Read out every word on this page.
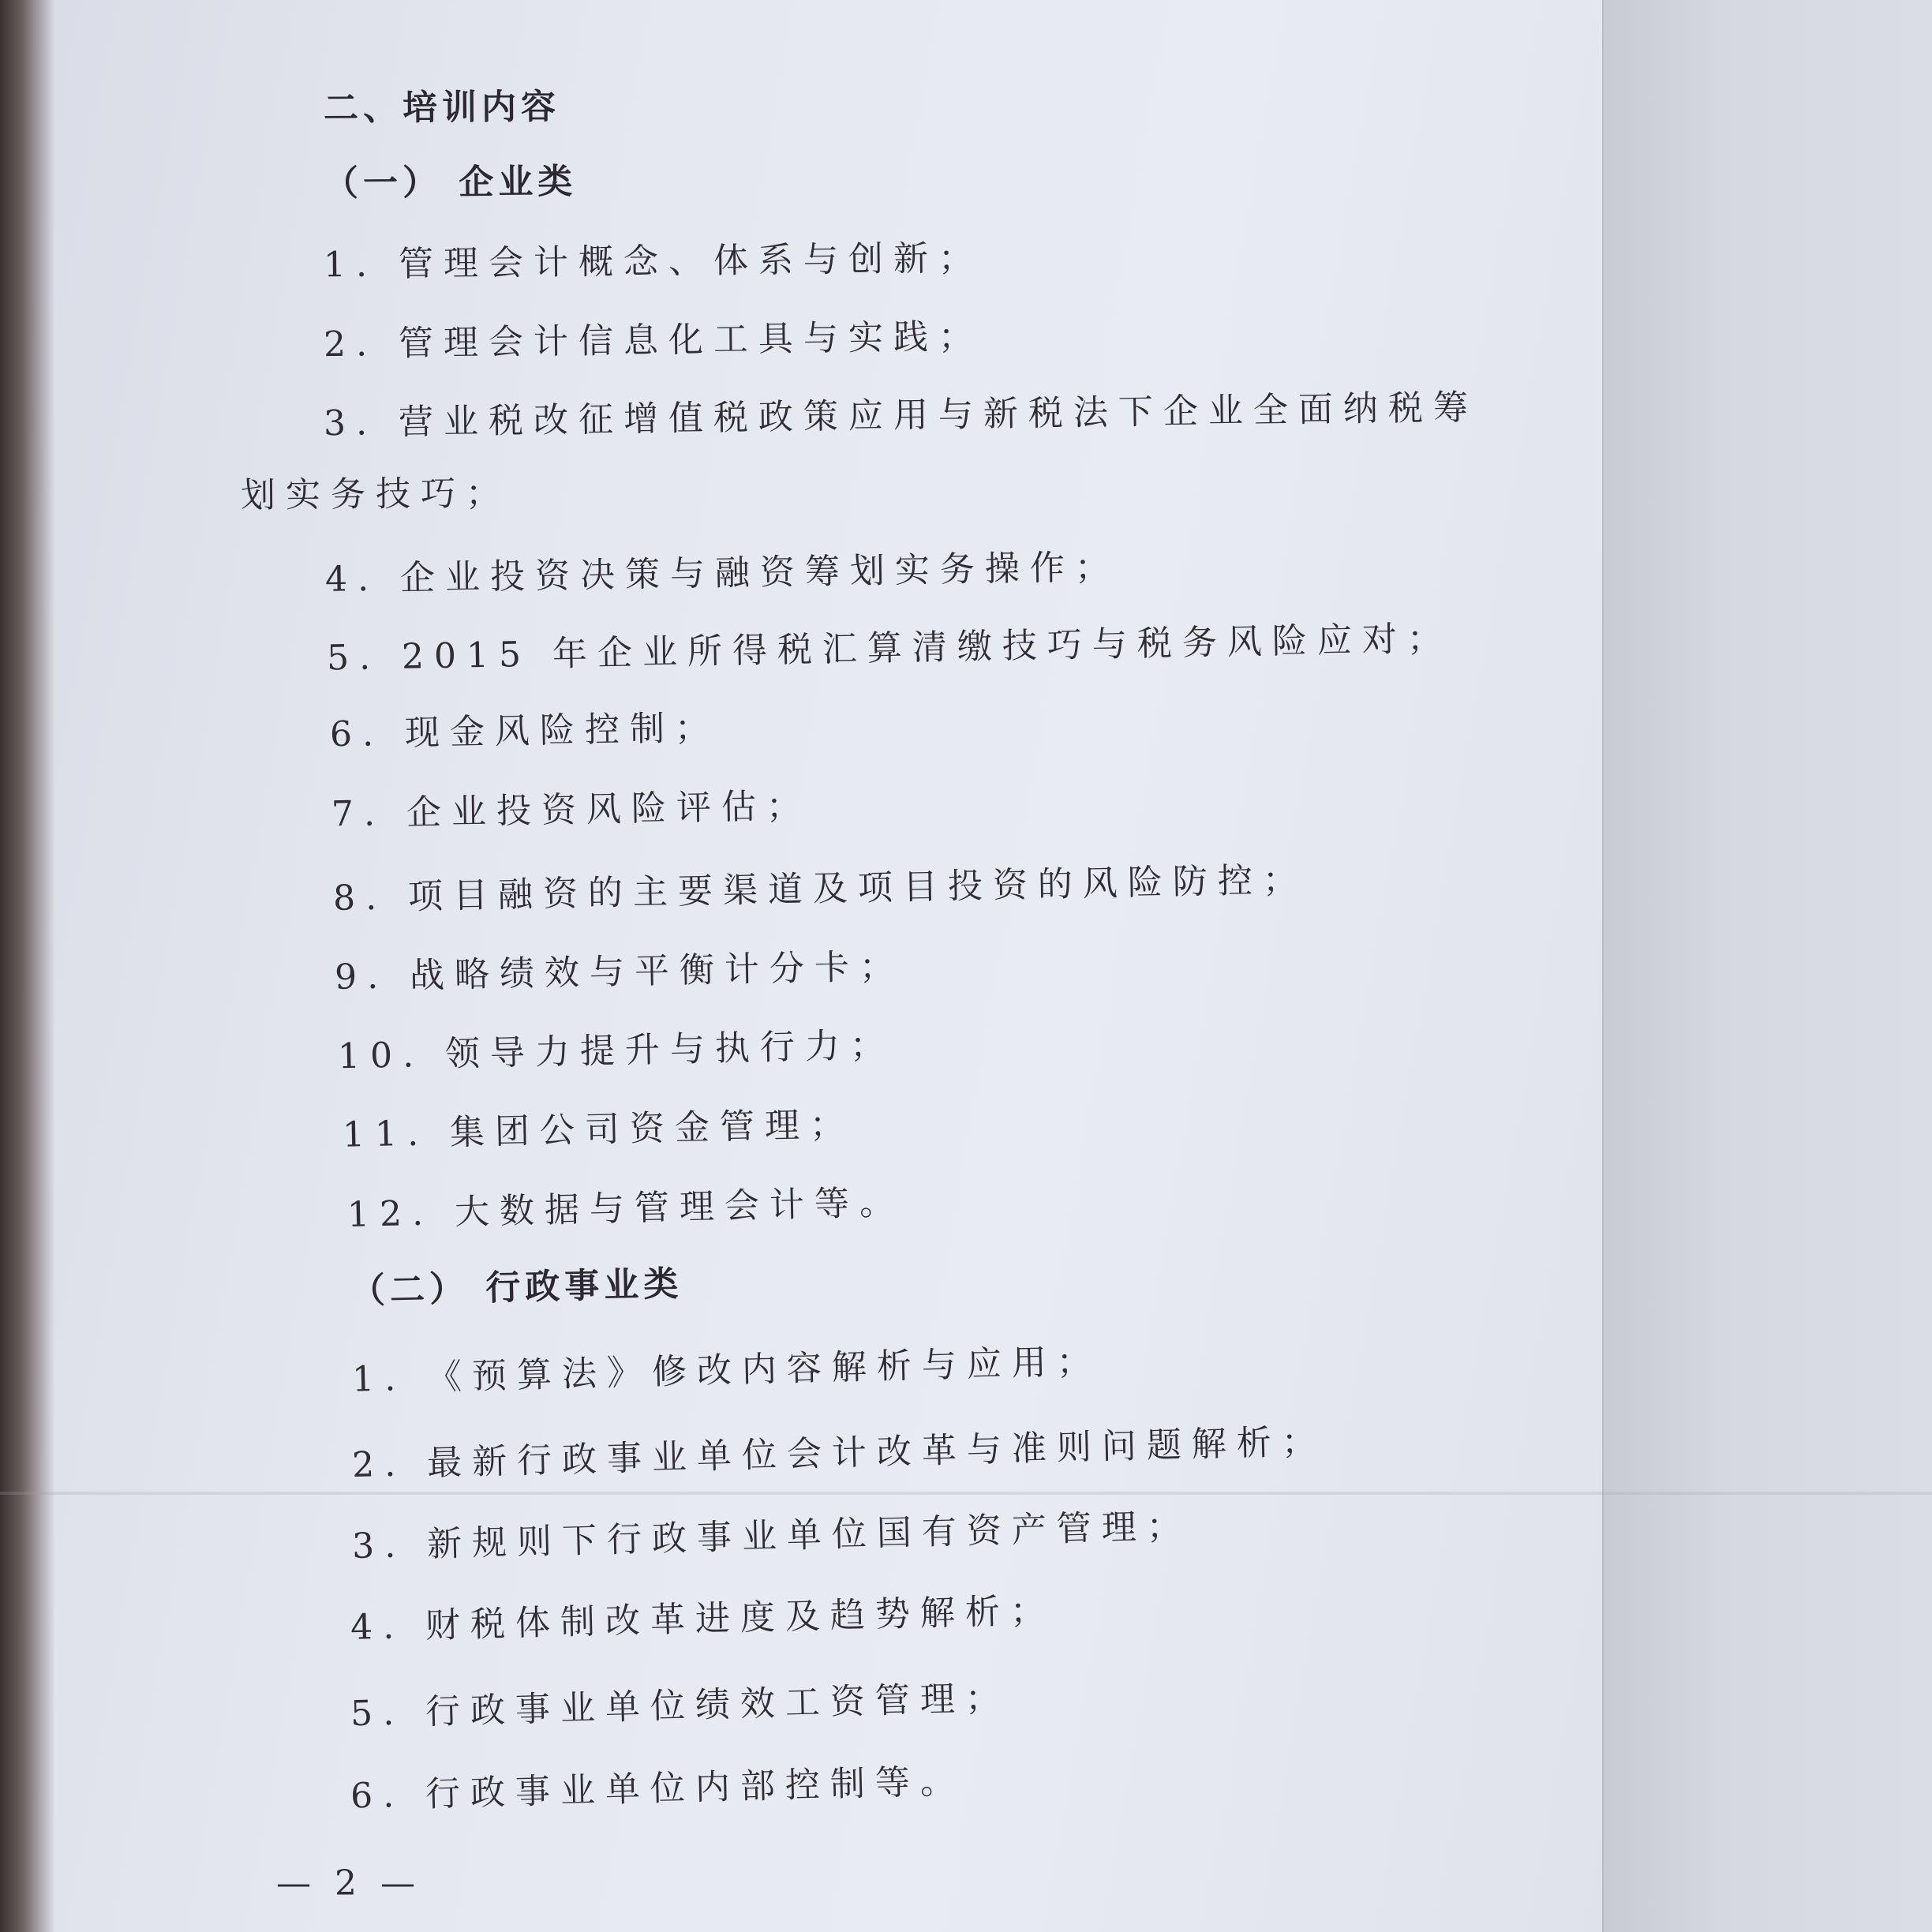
二、培训内容
（一） 企业类
1. 管理会计概念、体系与创新；
2. 管理会计信息化工具与实践；
3. 营业税改征增值税政策应用与新税法下企业全面纳税筹
划实务技巧；
4. 企业投资决策与融资筹划实务操作；
5. 2015 年企业所得税汇算清缴技巧与税务风险应对；
6. 现金风险控制；
7. 企业投资风险评估；
8. 项目融资的主要渠道及项目投资的风险防控；
9. 战略绩效与平衡计分卡；
10. 领导力提升与执行力；
11. 集团公司资金管理；
12. 大数据与管理会计等。
（二） 行政事业类
1. 《预算法》修改内容解析与应用；
2. 最新行政事业单位会计改革与准则问题解析；
3. 新规则下行政事业单位国有资产管理；
4. 财税体制改革进度及趋势解析；
5. 行政事业单位绩效工资管理；
6. 行政事业单位内部控制等。
— 2 —
